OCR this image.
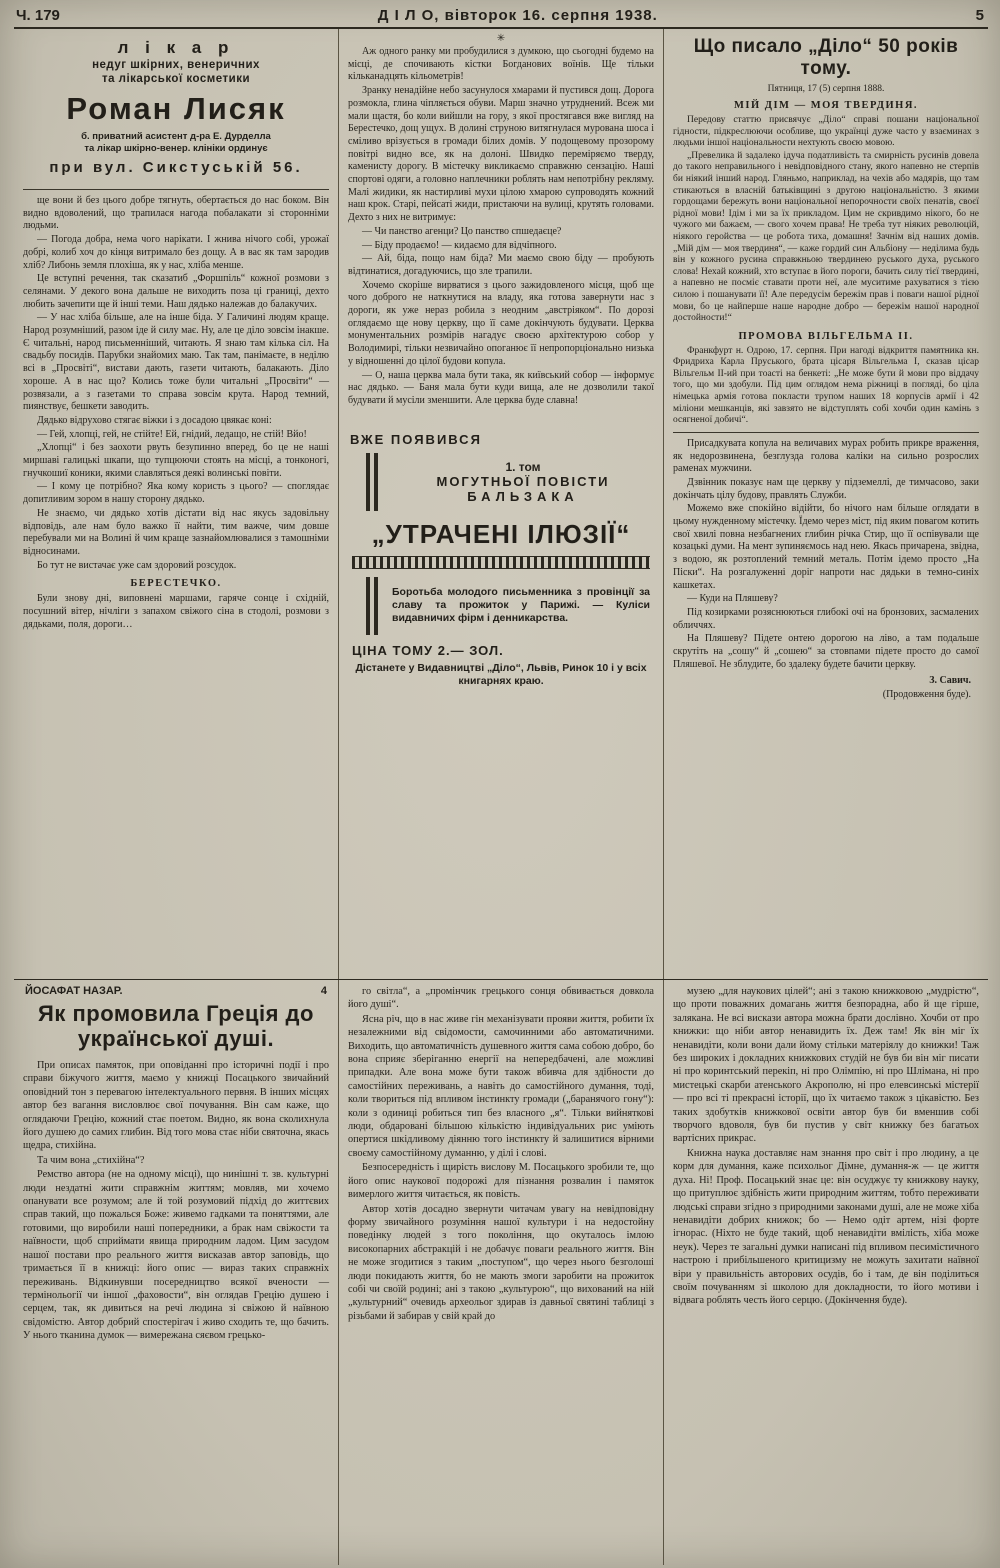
Ч. 179	Д І Л О, вівторок 16. серпня 1938.	5
л і к а р
недуг шкірних, венеричних
та лікарської косметики
Роман Лисяк
б. приватний асистент д-ра Е. Дурделла
та лікар шкірно-венер. клініки ординує
при вул. Сикстуській 56.

ще вони й без цього добре тягнуть, обертається до нас боком. Він видно вдоволений, що трапилася нагода побалакати зі сторонніми людьми.

— Погода добра, нема чого нарікати. І жнива нічого собі, урожаї добрі, колиб хоч до кінця витримало без дощу. А в вас як там зародив хліб? Либонь земля плохіша, як у нас, хліба менше.

Це вступні речення, так сказатиб „Форшпіль“ кожної розмови з селянами. У декого вона дальше не виходить поза ці границі, дехто любить зачепити ще й інші теми. Наш дядько належав до балакучих.

— У нас хліба більше, але на інше біда. У Галичині людям краще. Народ розумніший, разом іде й силу має. Ну, але це діло зовсім інакше. Є читальні, народ письменніший, читають. Я знаю там кілька сіл. На свадьбу посидів. Парубки знайомих маю. Так там, панімаєте, в неділю всі в „Просвіті“, вистави дають, газети читають, балакають. Діло хороше. А в нас що? Колись тоже були читальні „Просвіти“ — розвязали, а з газетами то справа зовсім крута. Народ темний, пиянствує, бешкети заводить.

Дядько відрухово стягає віжки і з досадою цвякає коні:

— Гей, хлопці, гей, не стійте! Ей, гнідий, ледащо, не стій! Вйо!

„Хлопці“ і без заохоти рвуть безупинно вперед, бо це не наші миршаві галицькі шкапи, що тупцюючи стоять на місці, а тонконогі, гнучкошиї коники, якими славляться деякі волинські повіти.

— І кому це потрібно? Яка кому користь з цього? — споглядає допитливим зором в нашу сторону дядько.

Не знаємо, чи дядько хотів дістати від нас якусь задовільну відповідь, але нам було важко її найти, тим важче, чим довше перебували ми на Волині й чим краще зазнайомлювалися з тамошніми відносинами.

Бо тут не вистачає уже сам здоровий розсудок.

БЕРЕСТЕЧКО.

Були знову дні, виповнені маршами, гаряче сонце і східній, посушний вітер, нічліги з запахом свіжого сіна в стодолі, розмови з дядьками, поля, дороги…

✳

Аж одного ранку ми пробудилися з думкою, що сьогодні будемо на місці, де спочивають кістки Богданових воїнів. Ще тільки кільканадцять кільометрів!

Зранку ненадійне небо засунулося хмарами й пустився дощ. Дорога розмокла, глина чіпляється обуви. Марш значно утруднений. Всеж ми мали щастя, бо коли вийшли на гору, з якої простягався вже вигляд на Берестечко, дощ ущух. В долині струною витягнулася мурована шоса і сміливо врізується в громади білих домів. У подощевому прозорому повітрі видно все, як на долоні. Швидко переміряємо тверду, каменисту дорогу. В містечку викликаємо справжню сензацію. Наші спортові одяги, а головно наплечники роблять нам непотрібну рекляму. Малі жидики, як настирливі мухи цілою хмарою супроводять кожний наш крок. Старі, пейсаті жиди, пристаючи на вулиці, крутять головами. Дехто з них не витримує:

— Чи панство агенци? Цо панство спшедаєце?

— Біду продаємо! — кидаємо для відчіпного.

— Ай, біда, пощо нам біда? Ми маємо свою біду — пробують відтинатися, догадуючись, що зле трапили.

Хочемо скоріше вирватися з цього зажидовленого місця, щоб ще чого доброго не наткнутися на владу, яка готова завернути нас з дороги, як уже нераз робила з неодним „австріяком“. По дорозі оглядаємо ще нову церкву, що її саме докінчують будувати. Церква монументальних розмірів нагадує своєю архітектурою собор у Володимирі, тільки незвичайно опоганює її непропорціонально низька у відношенні до цілої будови копула.

— О, наша церква мала бути така, як київський собор — інформує нас дядько. — Баня мала бути куди вища, але не дозволили такої будувати й мусіли зменшити. Але церква буде славна!

ВЖЕ ПОЯВИВСЯ
1. том
МОГУТНЬОЇ ПОВІСТИ
БАЛЬЗАКА
„УТРАЧЕНІ ІЛЮЗІЇ“
Боротьба молодого письменника з провінції за славу та прожиток у Парижі. — Куліси видавничих фірм і денникарства.
ЦІНА ТОМУ 2.— ЗОЛ.
Дістанете у Видавництві „Діло“, Львів, Ринок 10 і у всіх книгарнях краю.
Що писало „Діло“ 50 років тому.
Пятниця, 17 (5) серпня 1888.
МІЙ ДІМ — МОЯ ТВЕРДИНЯ.

Передову статтю присвячує „Діло“ справі пошани національної гідности, підкреслюючи особливе, що українці дуже часто у взаєминах з людьми іншої національности нехтують своєю мовою.

„Превелика й задалеко ідуча податливість та смирність русинів довела до такого неправильного і невідповідного стану, якого напевно не стерпів би ніякий інший народ. Гляньмо, наприклад, на чехів або мадярів, що там стикаються в власній батьківщині з другою національністю. З якими гордощами бережуть вони національної непорочности своїх пенатів, своєї рідної мови! Ідім і ми за їх прикладом. Цим не скривдимо нікого, бо не чужого ми бажаєм, — свого хочем права! Не треба тут ніяких революцій, ніякого геройства — це робота тиха, домашня! Зачнім від наших домів. „Мій дім — моя твердиня“, — каже гордий син Альбіону — неділима будь він у кожного русина справжньою твердинею руського духа, руського слова! Нехай кожний, хто вступає в його пороги, бачить силу тієї твердині, а напевно не посміє ставати проти неї, але муситиме рахуватися з тією силою і пошанувати її! Але передусім бережім прав і поваги нашої рідної мови, бо це найперше наше народне добро — бережім нашої народної достойности!“

ПРОМОВА ВІЛЬГЕЛЬМА II.

Франкфурт н. Одрою, 17. серпня. При нагоді відкриття памятника кн. Фридриха Карла Пруського, брата цісаря Вільгельма I, сказав цісар Вільгельм II-ий при тоасті на бенкеті: „Не може бути й мови про віддачу того, що ми здобули. Під цим оглядом нема ріжниці в погляді, бо ціла німецька армія готова покласти трупом наших 18 корпусів армії і 42 міліони мешканців, які завзято не відступлять собі хочби один камінь з осягненої добичі“.

Присадкувата копула на величавих мурах робить прикре враження, як недорозвинена, безглузда голова каліки на сильно розрослих раменах мужчини.

Дзвінник показує нам ще церкву у підземеллі, де тимчасово, заки докінчать цілу будову, правлять Служби.

Можемо вже спокійно відійти, бо нічого нам більше оглядати в цьому нужденному містечку. Їдемо через міст, під яким повагом котить свої хвилі повна незбагнених глибин річка Стир, що її оспівували ще козацькі думи. На мент зупиняємось над нею. Якась причарена, звідна, з водою, як розтоплений темний металь. Потім ідемо просто „На Піски“. На розгалуженні доріг напроти нас дядьки в темно-синіх кашкетах.

— Куди на Пляшеву?

Під козирками розяснюються глибокі очі на бронзових, засмалених обличчях.

На Пляшеву? Підете онтею дорогою на ліво, а там подальше скрутіть на „сошу“ й „сошею“ за стовпами підете просто до самої Пляшевої. Не зблудите, бо здалеку будете бачити церкву.

З. Савич.
(Продовження буде).
ЙОСАФАТ НАЗАР.	4
Як промовила Греція до української душі.

При описах памяток, при оповіданні про історичні події і про справи біжучого життя, маємо у книжці Посацького звичайний оповідний тон з перевагою інтелектуального первня. В інших місцях автор без вагання висловлює свої почування. Він сам каже, що оглядаючи Грецію, кожний стає поетом. Видно, як вона сколихнула його душею до самих глибин. Від того мова стає ніби святочна, якась щедра, стихійна.

Та чим вона „стихійна“?

Ремство автора (не на одному місці), що нинішні т. зв. культурні люди нездатні жити справжнім життям; мовляв, ми хочемо опанувати все розумом; але й той розумовий підхід до життєвих справ такий, що пожалься Боже: живемо гадками та поняттями, але готовими, що виробили наші попередники, а брак нам свіжости та наївности, щоб сприймати явища природним ладом. Цим засудом нашої постави про реального життя висказав автор заповідь, що тримається її в книжці: його опис — вираз таких справжніх переживань. Відкинувши посередництво всякої вчености — термінольогії чи іншої „фаховости“, він оглядав Грецію душею і серцем, так, як дивиться на речі людина зі свіжою й наївною свідомістю. Автор добрий спостерігач і живо сходить те, що бачить. У нього тканина думок — вимережана сяєвом грецько-

го світла“, а „промінчик грецького сонця обвивається довкола його душі“.

Ясна річ, що в нас живе гін механізувати прояви життя, робити їх незалежними від свідомости, самочинними або автоматичними. Виходить, що автоматичність душевного життя сама собою добро, бо вона сприяє зберіганню енергії на непередбачені, але можливі припадки. Але вона може бути також вбивча для здібности до самостійних переживань, а навіть до самостійного думання, тоді, коли твориться під впливом інстинкту громади („баранячого гону“): коли з одиниці робиться тип без власного „я“. Тільки вийняткові люди, обдаровані більшою кількістю індивідуальних рис уміють опертися шкідливому діянню того інстинкту й залишитися вірними своєму самостійному думанню, у ділі і слові.

Безпосередність і щирість вислову М. Посацького зробили те, що його опис наукової подорожі для пізнання розвалин і памяток вимерлого життя читається, як повість.

Автор хотів досадно звернути читачам увагу на невідповідну форму звичайного розуміння нашої культури і на недостойну поведінку людей з того покоління, що окуталось імлою високопарних абстракцій і не добачує поваги реального життя. Він не може згодитися з таким „поступом“, що через нього безголоші люди покидають життя, бо не мають змоги заробити на прожиток собі чи своїй родині; ані з такою „культурою“, що вихований на ній „культурний“ очевидь археольог здирав із давньої святині таблиці з різьбами й забирав у свій край до

музею „для наукових цілей“; ані з такою книжковою „мудрістю“, що проти поважних домагань життя безпорадна, або й ще гірше, залякана. Не всі вискази автора можна брати дослівно. Хочби от про книжки: що ніби автор ненавидить їх. Деж там! Як він міг їх ненавидіти, коли вони дали йому стільки матеріялу до книжки! Таж без широких і докладних книжкових студій не був би він міг писати ні про коринтський перекіп, ні про Олімпію, ні про Шлімана, ні про мистецькі скарби атенського Акрополю, ні про елевсинські містерії — про всі ті прекрасні історії, що їх читаємо також з цікавістю. Без таких здобутків книжкової освіти автор був би вменшив собі творчого вдоволя, був би пустив у світ книжку без багатьох вартісних прикрас.

Книжна наука доставляє нам знання про світ і про людину, а це корм для думання, каже психольог Дімне, думання-ж — це життя духа. Ні! Проф. Посацький знає це: він осуджує ту книжкову науку, що притуплює здібність жити природним життям, тобто переживати людські справи згідно з природними законами душі, але не може хіба ненавидіти добрих книжок; бо — Немо одіт артем, нізі форте ігнорас. (Ніхто не буде такий, щоб ненавидіти вмілість, хіба може неук). Через те загальні думки написані під впливом песимістичного настрою і прибільшеного критицизму не можуть захитати наївної віри у правильність авторових осудів, бо і там, де він поділиться своїм почуванням зі школою для докладности, то його мотиви і відвага роблять честь його серцю. (Докінчення буде).
